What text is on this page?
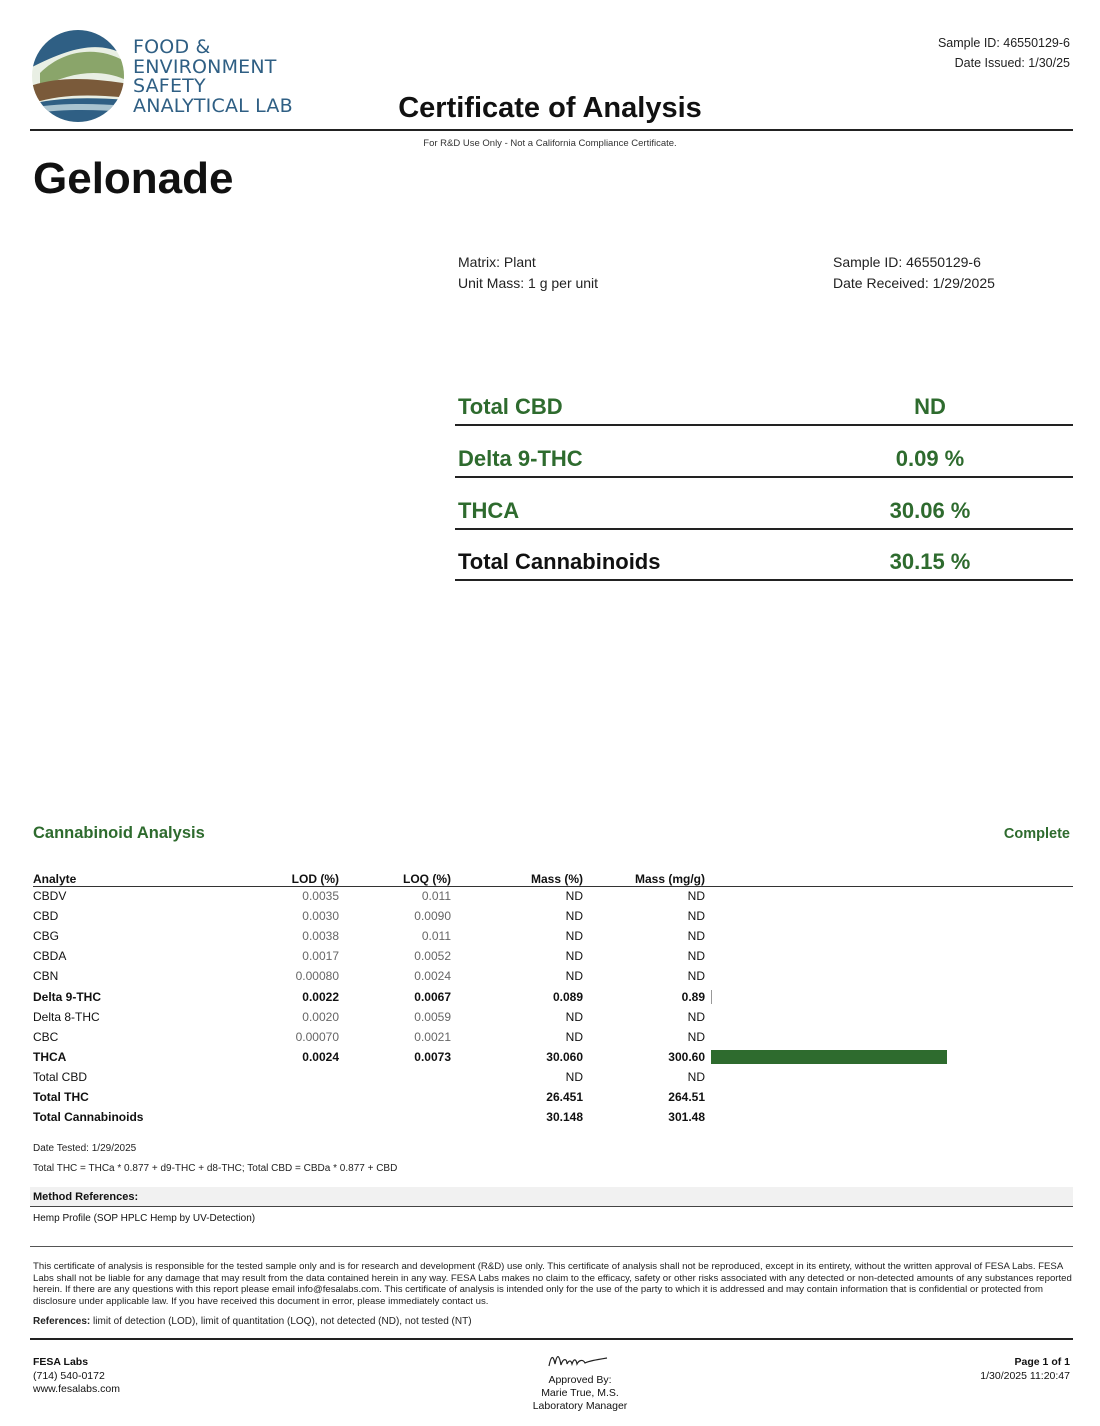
FOOD &
ENVIRONMENT
SAFETY
ANALYTICAL LAB
Sample ID: 46550129-6
Date Issued: 1/30/25
Certificate of Analysis
For R&D Use Only - Not a California Compliance Certificate.
Gelonade
Matrix: Plant
Unit Mass: 1 g per unit
Sample ID: 46550129-6
Date Received: 1/29/2025
Total CBD	ND
Delta 9-THC	0.09 %
THCA	30.06 %
Total Cannabinoids	30.15 %
Cannabinoid Analysis	Complete
Analyte	LOD (%)	LOQ (%)	Mass (%)	Mass (mg/g)	
CBDV	0.0035	0.011	ND	ND	
CBD	0.0030	0.0090	ND	ND	
CBG	0.0038	0.011	ND	ND	
CBDA	0.0017	0.0052	ND	ND	
CBN	0.00080	0.0024	ND	ND	
Delta 9-THC	0.0022	0.0067	0.089	0.89	

Delta 8-THC	0.0020	0.0059	ND	ND	
CBC	0.00070	0.0021	ND	ND	
THCA	0.0024	0.0073	30.060	300.60	

Total CBD			ND	ND	
Total THC			26.451	264.51	
Total Cannabinoids			30.148	301.48	
Date Tested: 1/29/2025
Total THC = THCa * 0.877 + d9-THC + d8-THC; Total CBD = CBDa * 0.877 + CBD
Method References:
Hemp Profile (SOP HPLC Hemp by UV-Detection)
This certificate of analysis is responsible for the tested sample only and is for research and development (R&D) use only. This certificate of analysis shall not be reproduced, except in its entirety, without the written approval of FESA Labs. FESA Labs shall not be liable for any damage that may result from the data contained herein in any way. FESA Labs makes no claim to the efficacy, safety or other risks associated with any detected or non-detected amounts of any substances reported herein. If there are any questions with this report please email info@fesalabs.com. This certificate of analysis is intended only for the use of the party to which it is addressed and may contain information that is confidential or protected from disclosure under applicable law. If you have received this document in error, please immediately contact us.
References: limit of detection (LOD), limit of quantitation (LOQ), not detected (ND), not tested (NT)
FESA Labs
(714) 540-0172
www.fesalabs.com
Approved By:
Marie True, M.S.
Laboratory Manager
Page 1 of 1
1/30/2025 11:20:47
